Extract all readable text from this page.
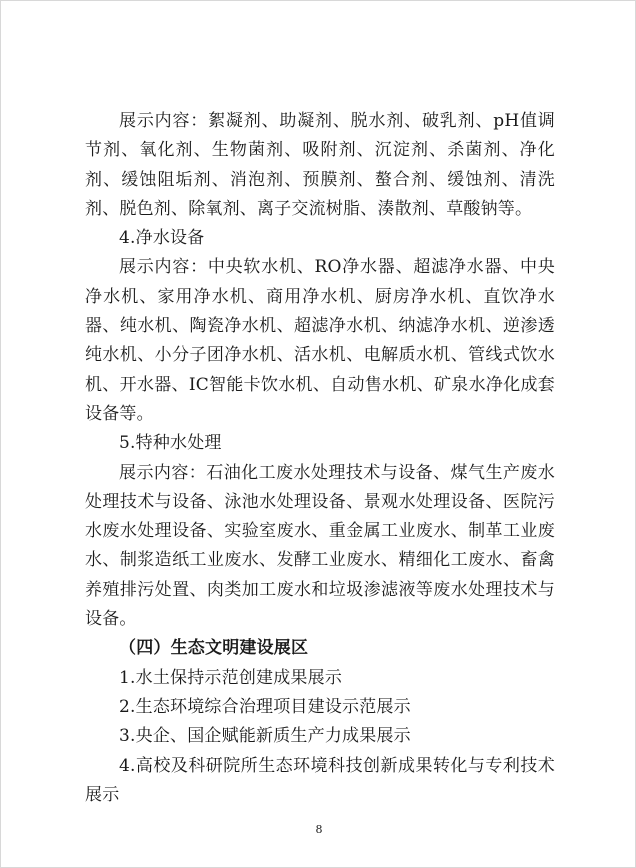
展示内容：絮凝剂、助凝剂、脱水剂、破乳剂、pH值调节剂、氧化剂、生物菌剂、吸附剂、沉淀剂、杀菌剂、净化剂、缓蚀阻垢剂、消泡剂、预膜剂、螯合剂、缓蚀剂、清洗剂、脱色剂、除氧剂、离子交流树脂、湊散剂、草酸钠等。

4.净水设备

展示内容：中央软水机、RO净水器、超滤净水器、中央净水机、家用净水机、商用净水机、厨房净水机、直饮净水器、纯水机、陶瓷净水机、超滤净水机、纳滤净水机、逆渗透纯水机、小分子团净水机、活水机、电解质水机、管线式饮水机、开水器、IC智能卡饮水机、自动售水机、矿泉水净化成套设备等。

5.特种水处理

展示内容：石油化工废水处理技术与设备、煤气生产废水处理技术与设备、泳池水处理设备、景观水处理设备、医院污水废水处理设备、实验室废水、重金属工业废水、制革工业废水、制浆造纸工业废水、发酵工业废水、精细化工废水、畜禽养殖排污处置、肉类加工废水和垃圾渗滤液等废水处理技术与设备。

（四）生态文明建设展区

1.水土保持示范创建成果展示

2.生态环境综合治理项目建设示范展示

3.央企、国企赋能新质生产力成果展示

4.高校及科研院所生态环境科技创新成果转化与专利技术展示

8
